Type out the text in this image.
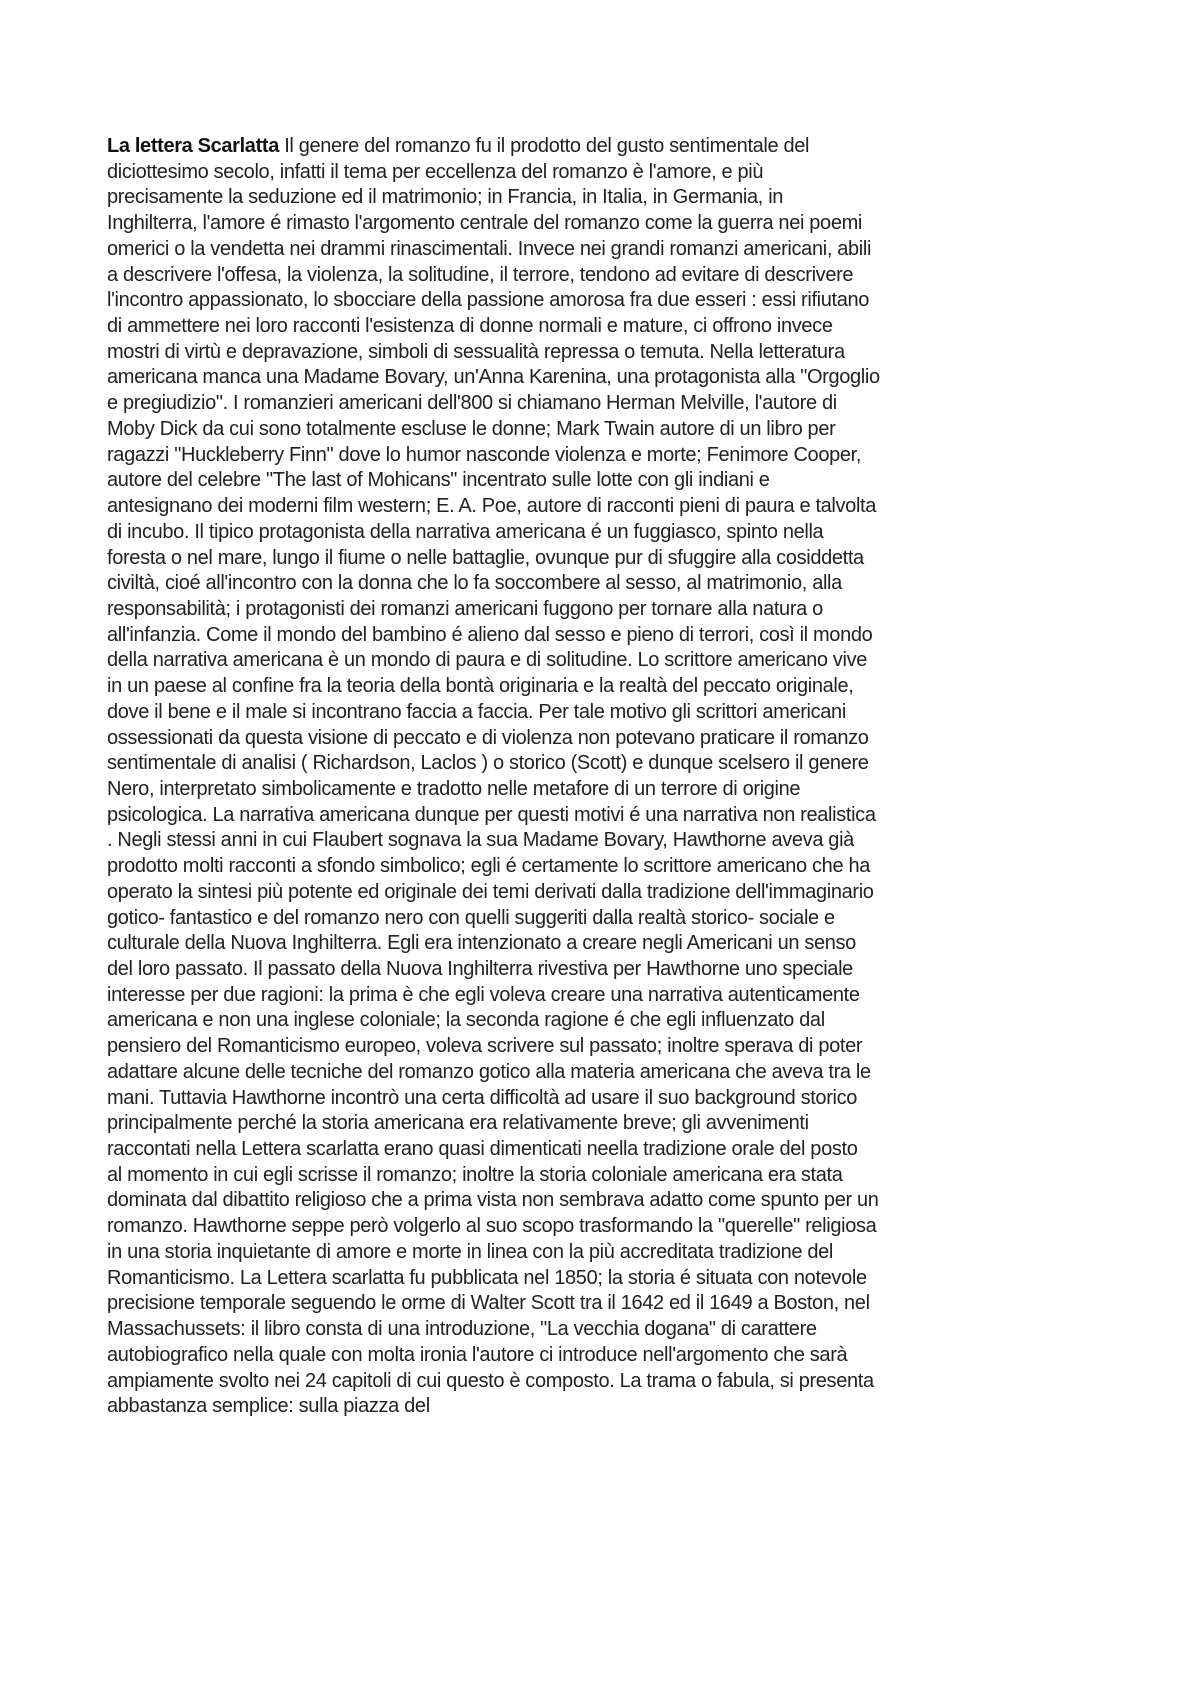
La lettera Scarlatta Il genere del romanzo fu il prodotto del gusto sentimentale del
diciottesimo secolo, infatti il tema per eccellenza del romanzo è l'amore, e più
precisamente la seduzione ed il matrimonio; in Francia, in Italia, in Germania, in
Inghilterra, l'amore é rimasto l'argomento centrale del romanzo come la guerra nei poemi
omerici o la vendetta nei drammi rinascimentali. Invece nei grandi romanzi americani, abili
a descrivere l'offesa, la violenza, la solitudine, il terrore, tendono ad evitare di descrivere
l'incontro appassionato, lo sbocciare della passione amorosa fra due esseri : essi rifiutano
di ammettere nei loro racconti l'esistenza di donne normali e mature, ci offrono invece
mostri di virtù e depravazione, simboli di sessualità repressa o temuta. Nella letteratura
americana manca una Madame Bovary, un'Anna Karenina, una protagonista alla "Orgoglio
e pregiudizio". I romanzieri americani dell'800 si chiamano Herman Melville, l'autore di
Moby Dick da cui sono totalmente escluse le donne; Mark Twain autore di un libro per
ragazzi "Huckleberry Finn" dove lo humor nasconde violenza e morte; Fenimore Cooper,
autore del celebre "The last of Mohicans" incentrato sulle lotte con gli indiani e
antesignano dei moderni film western; E. A. Poe, autore di racconti pieni di paura e talvolta
di incubo. Il tipico protagonista della narrativa americana é un fuggiasco, spinto nella
foresta o nel mare, lungo il fiume o nelle battaglie, ovunque pur di sfuggire alla cosiddetta
civiltà, cioé all'incontro con la donna che lo fa soccombere al sesso, al matrimonio, alla
responsabilità; i protagonisti dei romanzi americani fuggono per tornare alla natura o
all'infanzia. Come il mondo del bambino é alieno dal sesso e pieno di terrori, così il mondo
della narrativa americana è un mondo di paura e di solitudine. Lo scrittore americano vive
in un paese al confine fra la teoria della bontà originaria e la realtà del peccato originale,
dove il bene e il male si incontrano faccia a faccia. Per tale motivo gli scrittori americani
ossessionati da questa visione di peccato e di violenza non potevano praticare il romanzo
sentimentale di analisi ( Richardson, Laclos ) o storico (Scott) e dunque scelsero il genere
Nero, interpretato simbolicamente e tradotto nelle metafore di un terrore di origine
psicologica. La narrativa americana dunque per questi motivi é una narrativa non realistica
. Negli stessi anni in cui Flaubert sognava la sua Madame Bovary, Hawthorne aveva già
prodotto molti racconti a sfondo simbolico; egli é certamente lo scrittore americano che ha
operato la sintesi più potente ed originale dei temi derivati dalla tradizione dell'immaginario
gotico- fantastico e del romanzo nero con quelli suggeriti dalla realtà storico- sociale e
culturale della Nuova Inghilterra. Egli era intenzionato a creare negli Americani un senso
del loro passato. Il passato della Nuova Inghilterra rivestiva per Hawthorne uno speciale
interesse per due ragioni: la prima è che egli voleva creare una narrativa autenticamente
americana e non una inglese coloniale; la seconda ragione é che egli influenzato dal
pensiero del Romanticismo europeo, voleva scrivere sul passato; inoltre sperava di poter
adattare alcune delle tecniche del romanzo gotico alla materia americana che aveva tra le
mani. Tuttavia Hawthorne incontrò una certa difficoltà ad usare il suo background storico
principalmente perché la storia americana era relativamente breve; gli avvenimenti
raccontati nella Lettera scarlatta erano quasi dimenticati neella tradizione orale del posto
al momento in cui egli scrisse il romanzo; inoltre la storia coloniale americana era stata
dominata dal dibattito religioso che a prima vista non sembrava adatto come spunto per un
romanzo. Hawthorne seppe però volgerlo al suo scopo trasformando la "querelle" religiosa
in una storia inquietante di amore e morte in linea con la più accreditata tradizione del
Romanticismo. La Lettera scarlatta fu pubblicata nel 1850; la storia é situata con notevole
precisione temporale seguendo le orme di Walter Scott tra il 1642 ed il 1649 a Boston, nel
Massachussets: il libro consta di una introduzione, "La vecchia dogana" di carattere
autobiografico nella quale con molta ironia l'autore ci introduce nell'argomento che sarà
ampiamente svolto nei 24 capitoli di cui questo è composto. La trama o fabula, si presenta
abbastanza semplice: sulla piazza del
